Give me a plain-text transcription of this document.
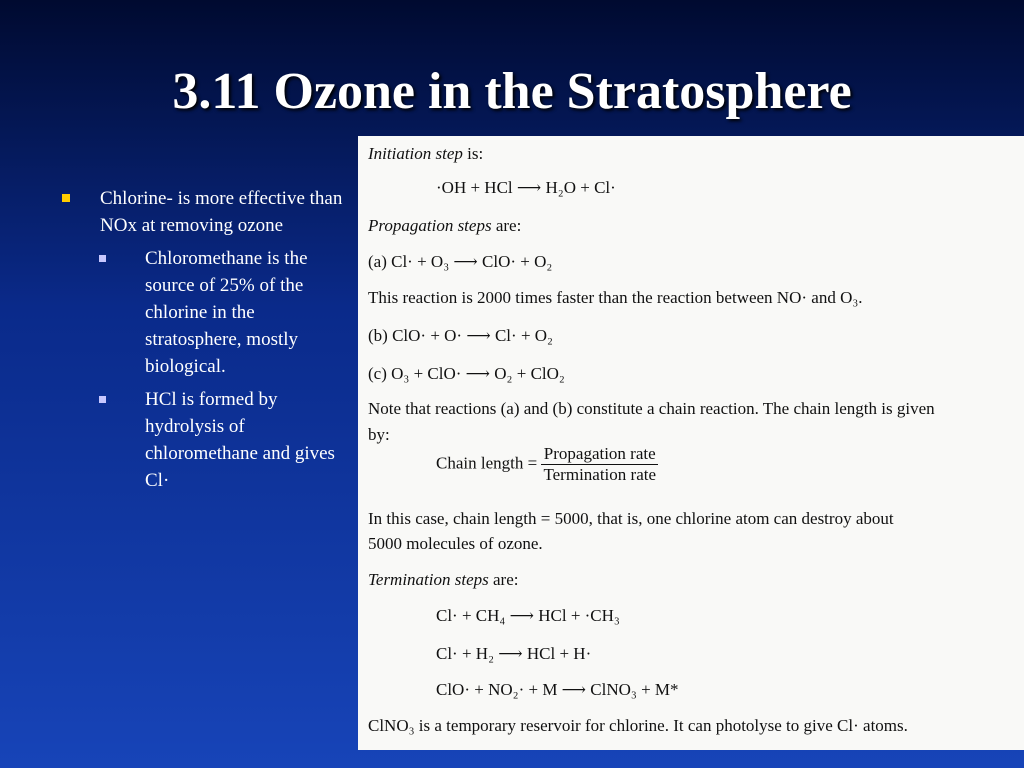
3.11 Ozone in the Stratosphere
Chlorine- is more effective than NOx at removing ozone
Chloromethane is the source of 25% of the chlorine in the stratosphere, mostly biological.
HCl is formed by hydrolysis of chloromethane and gives Cl·
Initiation step is:
·OH + HCl ⟶ H₂O + Cl·
Propagation steps are:
(a) Cl· + O₃ ⟶ ClO· + O₂
This reaction is 2000 times faster than the reaction between NO· and O₃.
(b) ClO· + O· ⟶ Cl· + O₂
(c) O₃ + ClO· ⟶ O₂ + ClO₂
Note that reactions (a) and (b) constitute a chain reaction. The chain length is given
by:
Chain length = $\frac{\text{Propagation rate}}{\text{Termination rate}}$
In this case, chain length = 5000, that is, one chlorine atom can destroy about
5000 molecules of ozone.
Termination steps are:
Cl· + CH₄ ⟶ HCl + ·CH₃
Cl· + H₂ ⟶ HCl + H·
ClO· + NO₂· + M ⟶ ClNO₃ + M*
ClNO₃ is a temporary reservoir for chlorine. It can photolyse to give Cl· atoms.
